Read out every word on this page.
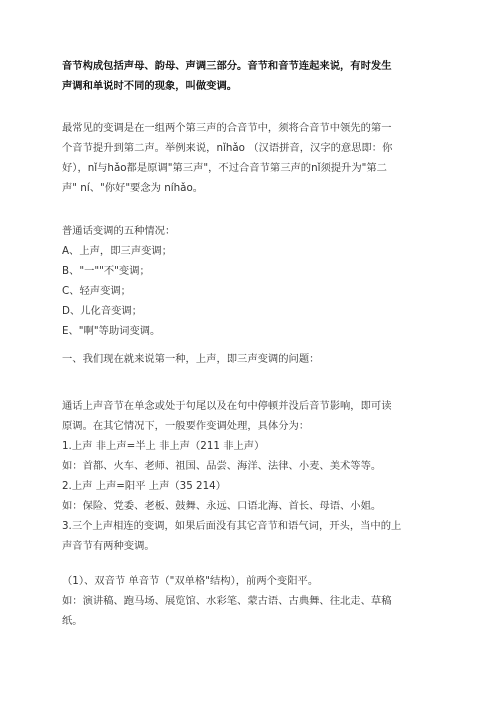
音节构成包括声母、韵母、声调三部分。音节和音节连起来说，有时发生

声调和单说时不同的现象，叫做变调。

最常见的变调是在一组两个第三声的合音节中，须将合音节中领先的第一

个音节提升到第二声。举例来说，nǐhǎo （汉语拼音，汉字的意思即：你

好），nǐ与hǎo都是原调"第三声"，不过合音节第三声的nǐ须提升为"第二

声" ní、"你好"要念为 níhǎo。

普通话变调的五种情况：

A、上声，即三声变调；

B、"一""不"变调；

C、轻声变调；

D、儿化音变调；

E、"啊"等助词变调。

一、我们现在就来说第一种，上声，即三声变调的问题：

通话上声音节在单念或处于句尾以及在句中停顿并没后音节影响，即可读

原调。在其它情况下，一般要作变调处理，具体分为：

1.上声 非上声=半上 非上声（211 非上声）

如：首都、火车、老师、祖国、品尝、海洋、法律、小麦、美术等等。

2.上声 上声=阳平 上声（35 214）

如：保险、党委、老板、鼓舞、永远、口语北海、首长、母语、小姐。

3.三个上声相连的变调，如果后面没有其它音节和语气词，开头，当中的上

声音节有两种变调。

（1）、双音节 单音节（"双单格"结构），前两个变阳平。

如：演讲稿、跑马场、展览馆、水彩笔、蒙古语、古典舞、往北走、草稿

纸。
